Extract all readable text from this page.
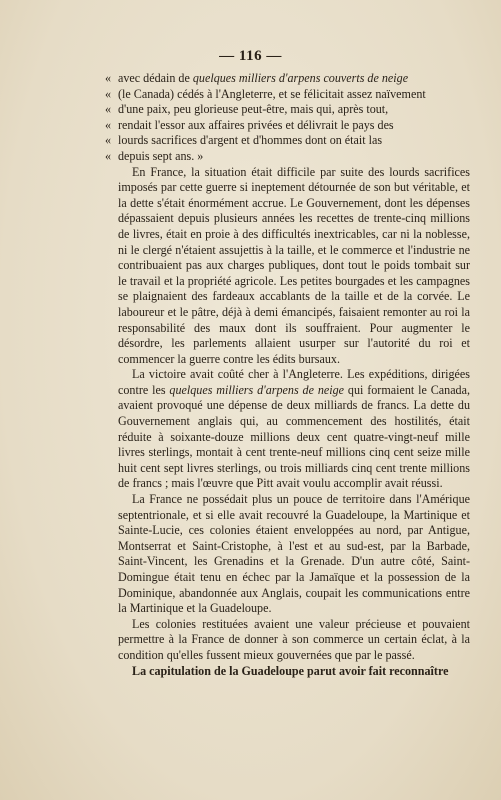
— 116 —
« avec dédain de quelques milliers d'arpens couverts de neige
« (le Canada) cédés à l'Angleterre, et se félicitait assez naïvement
« d'une paix, peu glorieuse peut-être, mais qui, après tout,
« rendait l'essor aux affaires privées et délivrait le pays des
« lourds sacrifices d'argent et d'hommes dont on était las
« depuis sept ans. »

En France, la situation était difficile par suite des lourds sacrifices imposés par cette guerre si ineptement détournée de son but véritable, et la dette s'était énormément accrue. Le Gouvernement, dont les dépenses dépassaient depuis plusieurs années les recettes de trente-cinq millions de livres, était en proie à des difficultés inextricables, car ni la noblesse, ni le clergé n'étaient assujettis à la taille, et le commerce et l'industrie ne contribuaient pas aux charges publiques, dont tout le poids tombait sur le travail et la propriété agricole. Les petites bourgades et les campagnes se plaignaient des fardeaux accablants de la taille et de la corvée. Le laboureur et le pâtre, déjà à demi émancipés, faisaient remonter au roi la responsabilité des maux dont ils souffraient. Pour augmenter le désordre, les parlements allaient usurper sur l'autorité du roi et commencer la guerre contre les édits bursaux.

La victoire avait coûté cher à l'Angleterre. Les expéditions, dirigées contre les quelques milliers d'arpens de neige qui formaient le Canada, avaient provoqué une dépense de deux milliards de francs. La dette du Gouvernement anglais qui, au commencement des hostilités, était réduite à soixante-douze millions deux cent quatre-vingt-neuf mille livres sterlings, montait à cent trente-neuf millions cinq cent seize mille huit cent sept livres sterlings, ou trois milliards cinq cent trente millions de francs ; mais l'œuvre que Pitt avait voulu accomplir avait réussi.

La France ne possédait plus un pouce de territoire dans l'Amérique septentrionale, et si elle avait recouvré la Guadeloupe, la Martinique et Sainte-Lucie, ces colonies étaient enveloppées au nord, par Antigue, Montserrat et Saint-Cristophe, à l'est et au sud-est, par la Barbade, Saint-Vincent, les Grenadins et la Grenade. D'un autre côté, Saint-Domingue était tenu en échec par la Jamaïque et la possession de la Dominique, abandonnée aux Anglais, coupait les communications entre la Martinique et la Guadeloupe.

Les colonies restituées avaient une valeur précieuse et pouvaient permettre à la France de donner à son commerce un certain éclat, à la condition qu'elles fussent mieux gouvernées que par le passé.

La capitulation de la Guadeloupe parut avoir fait reconnaître
